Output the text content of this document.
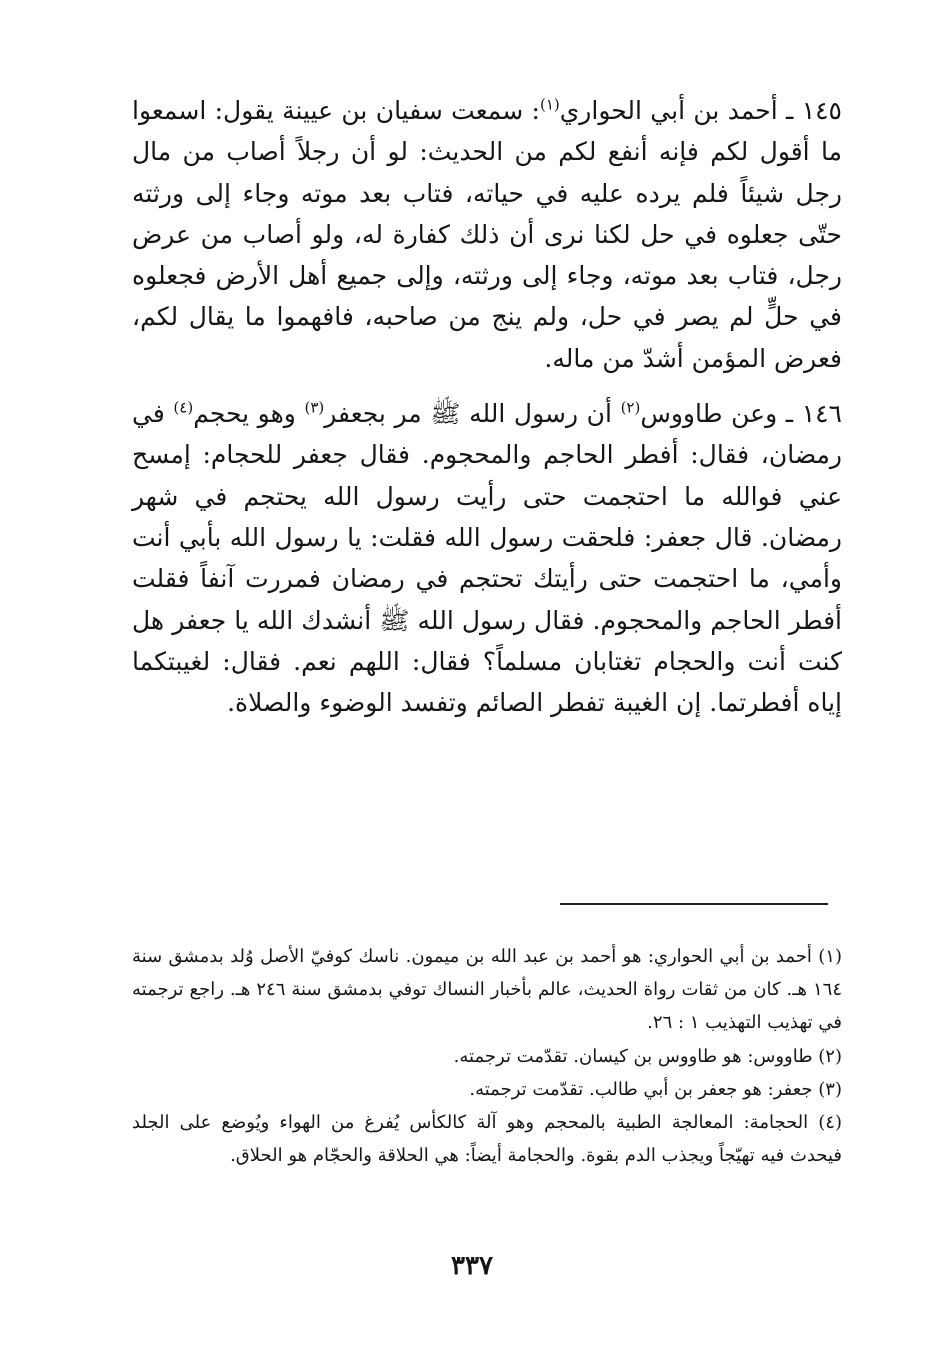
١٤٥ ـ أحمد بن أبي الحواري$^{(١)}$: سمعت سفيان بن عيينة يقول: اسمعوا ما أقول لكم فإنه أنفع لكم من الحديث: لو أن رجلاً أصاب من مال رجل شيئاً فلم يرده عليه في حياته، فتاب بعد موته وجاء إلى ورثته حتّى جعلوه في حل لكنا نرى أن ذلك كفارة له، ولو أصاب من عرض رجل، فتاب بعد موته، وجاء إلى ورثته، وإلى جميع أهل الأرض فجعلوه في حلٍّ لم يصر في حل، ولم ينج من صاحبه، فافهموا ما يقال لكم، فعرض المؤمن أشدّ من ماله.

١٤٦ ـ وعن طاووس$^{(٢)}$ أن رسول الله ﷺ مر بجعفر$^{(٣)}$ وهو يحجم$^{(٤)}$ في رمضان، فقال: أفطر الحاجم والمحجوم. فقال جعفر للحجام: إمسح عني فوالله ما احتجمت حتى رأيت رسول الله يحتجم في شهر رمضان. قال جعفر: فلحقت رسول الله فقلت: يا رسول الله بأبي أنت وأمي، ما احتجمت حتى رأيتك تحتجم في رمضان فمررت آنفاً فقلت أفطر الحاجم والمحجوم. فقال رسول الله ﷺ أنشدك الله يا جعفر هل كنت أنت والحجام تغتابان مسلماً؟ فقال: اللهم نعم. فقال: لغيبتكما إياه أفطرتما. إن الغيبة تفطر الصائم وتفسد الوضوء والصلاة.

(١) أحمد بن أبي الحواري: هو أحمد بن عبد الله بن ميمون. ناسك كوفيّ الأصل وُلد بدمشق سنة ١٦٤ هـ. كان من ثقات رواة الحديث، عالم بأخبار النساك توفي بدمشق سنة ٢٤٦ هـ. راجع ترجمته في تهذيب التهذيب ١ : ٢٦.

(٢) طاووس: هو طاووس بن كيسان. تقدّمت ترجمته.

(٣) جعفر: هو جعفر بن أبي طالب. تقدّمت ترجمته.

(٤) الحجامة: المعالجة الطبية بالمحجم وهو آلة كالكأس يُفرغ من الهواء ويُوضع على الجلد فيحدث فيه تهيّجاً ويجذب الدم بقوة. والحجامة أيضاً: هي الحلاقة والحجّام هو الحلاق.

٣٣٧
